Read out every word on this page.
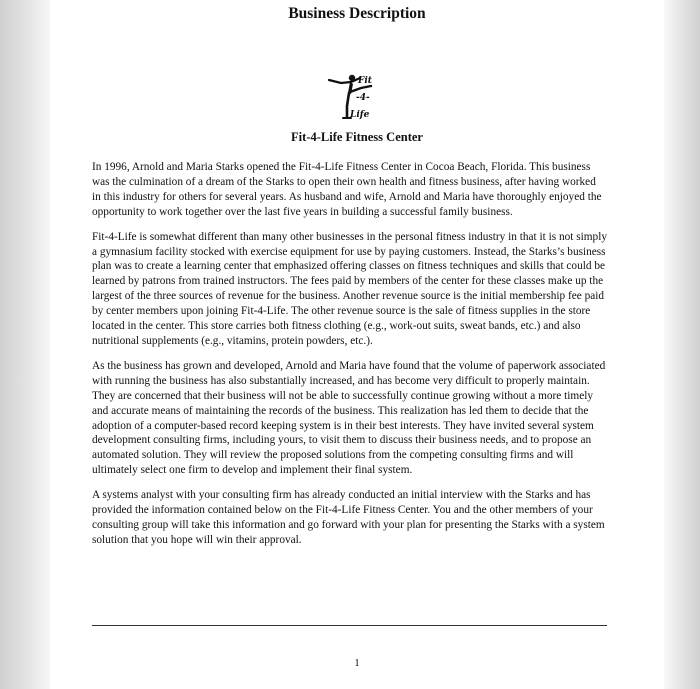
Business Description
Fit
-4-
Life
Fit-4-Life Fitness Center

In 1996, Arnold and Maria Starks opened the Fit-4-Life Fitness Center in Cocoa Beach, Florida. This business was the culmination of a dream of the Starks to open their own health and fitness business, after having worked in this industry for others for several years. As husband and wife, Arnold and Maria have thoroughly enjoyed the opportunity to work together over the last five years in building a successful family business.

Fit-4-Life is somewhat different than many other businesses in the personal fitness industry in that it is not simply a gymnasium facility stocked with exercise equipment for use by paying customers. Instead, the Starks’s business plan was to create a learning center that emphasized offering classes on fitness techniques and skills that could be learned by patrons from trained instructors. The fees paid by members of the center for these classes make up the largest of the three sources of revenue for the business. Another revenue source is the initial membership fee paid by center members upon joining Fit-4-Life. The other revenue source is the sale of fitness supplies in the store located in the center. This store carries both fitness clothing (e.g., work-out suits, sweat bands, etc.) and also nutritional supplements (e.g., vitamins, protein powders, etc.).

As the business has grown and developed, Arnold and Maria have found that the volume of paperwork associated with running the business has also substantially increased, and has become very difficult to properly maintain. They are concerned that their business will not be able to successfully continue growing without a more timely and accurate means of maintaining the records of the business. This realization has led them to decide that the adoption of a computer-based record keeping system is in their best interests. They have invited several system development consulting firms, including yours, to visit them to discuss their business needs, and to propose an automated solution. They will review the proposed solutions from the competing consulting firms and will ultimately select one firm to develop and implement their final system.

A systems analyst with your consulting firm has already conducted an initial interview with the Starks and has provided the information contained below on the Fit-4-Life Fitness Center. You and the other members of your consulting group will take this information and go forward with your plan for presenting the Starks with a system solution that you hope will win their approval.

1
